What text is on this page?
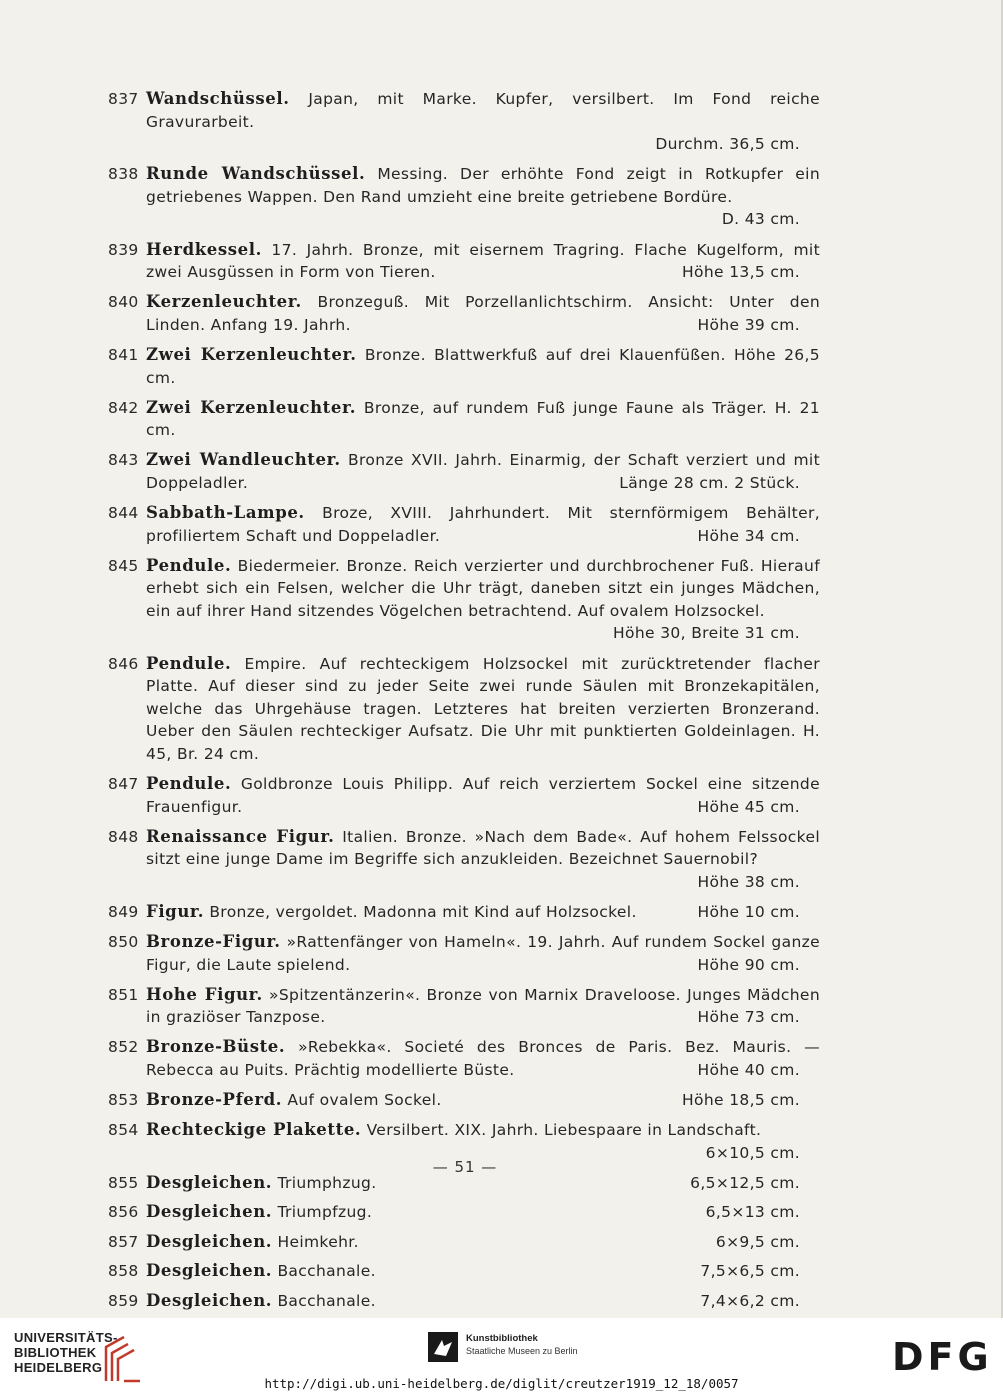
837 Wandschüssel. Japan, mit Marke. Kupfer, versilbert. Im Fond reiche Gravurarbeit.
Durchm. 36,5 cm.
838 Runde Wandschüssel. Messing. Der erhöhte Fond zeigt in Rotkupfer ein getriebenes Wappen. Den Rand umzieht eine breite getriebene Bordüre.
D. 43 cm.
839 Herdkessel. 17. Jahrh. Bronze, mit eisernem Tragring. Flache Kugelform, mit zwei Ausgüssen in Form von Tieren.	Höhe 13,5 cm.
840 Kerzenleuchter. Bronzeguß. Mit Porzellanlichtschirm. Ansicht: Unter den Linden. Anfang 19. Jahrh.	Höhe 39 cm.
841 Zwei Kerzenleuchter. Bronze. Blattwerkfuß auf drei Klauenfüßen. Höhe 26,5 cm.
842 Zwei Kerzenleuchter. Bronze, auf rundem Fuß junge Faune als Träger. H. 21 cm.
843 Zwei Wandleuchter. Bronze XVII. Jahrh. Einarmig, der Schaft verziert und mit Doppeladler.	Länge 28 cm. 2 Stück.
844 Sabbath-Lampe. Broze, XVIII. Jahrhundert. Mit sternförmigem Behälter, profiliertem Schaft und Doppeladler.	Höhe 34 cm.
845 Pendule. Biedermeier. Bronze. Reich verzierter und durchbrochener Fuß. Hierauf erhebt sich ein Felsen, welcher die Uhr trägt, daneben sitzt ein junges Mädchen, ein auf ihrer Hand sitzendes Vögelchen betrachtend. Auf ovalem Holzsockel.
Höhe 30, Breite 31 cm.
846 Pendule. Empire. Auf rechteckigem Holzsockel mit zurücktretender flacher Platte. Auf dieser sind zu jeder Seite zwei runde Säulen mit Bronzekapitälen, welche das Uhrgehäuse tragen. Letzteres hat breiten verzierten Bronzerand. Ueber den Säulen rechteckiger Aufsatz. Die Uhr mit punktierten Goldeinlagen. H. 45, Br. 24 cm.
847 Pendule. Goldbronze Louis Philipp. Auf reich verziertem Sockel eine sitzende Frauenfigur.	Höhe 45 cm.
848 Renaissance Figur. Italien. Bronze. »Nach dem Bade«. Auf hohem Felssockel sitzt eine junge Dame im Begriffe sich anzukleiden. Bezeichnet Sauernobil?
Höhe 38 cm.
849 Figur. Bronze, vergoldet. Madonna mit Kind auf Holzsockel.	Höhe 10 cm.
850 Bronze-Figur. »Rattenfänger von Hameln«. 19. Jahrh. Auf rundem Sockel ganze Figur, die Laute spielend.	Höhe 90 cm.
851 Hohe Figur. »Spitzentänzerin«. Bronze von Marnix Draveloose. Junges Mädchen in graziöser Tanzpose.	Höhe 73 cm.
852 Bronze-Büste. »Rebekka«. Societé des Bronces de Paris. Bez. Mauris. — Rebecca au Puits. Prächtig modellierte Büste.	Höhe 40 cm.
853 Bronze-Pferd. Auf ovalem Sockel.	Höhe 18,5 cm.
854 Rechteckige Plakette. Versilbert. XIX. Jahrh. Liebespaare in Landschaft.
6×10,5 cm.
855 Desgleichen. Triumphzug.	6,5×12,5 cm.
856 Desgleichen. Triumpfzug.	6,5×13 cm.
857 Desgleichen. Heimkehr.	6×9,5 cm.
858 Desgleichen. Bacchanale.	7,5×6,5 cm.
859 Desgleichen. Bacchanale.	7,4×6,2 cm.
— 51 —
UNIVERSITÄTS-
BIBLIOTHEK
HEIDELBERG
Kunstbibliothek
Staatliche Museen zu Berlin	DFG
http://digi.ub.uni-heidelberg.de/diglit/creutzer1919_12_18/0057
